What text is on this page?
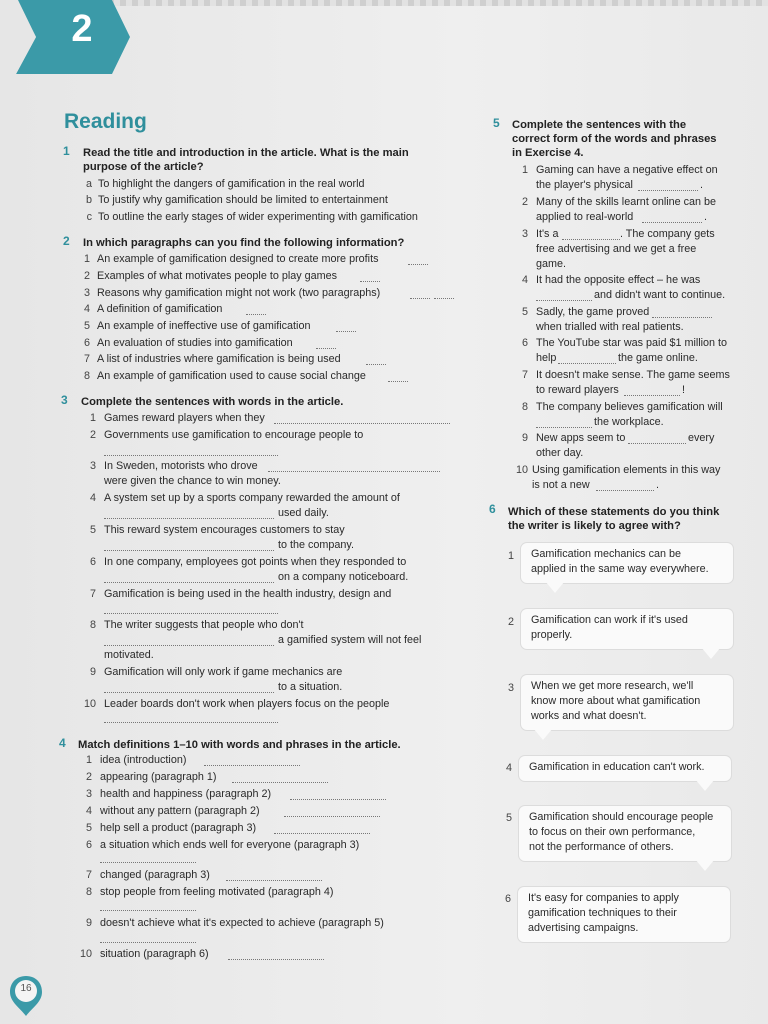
2
Reading
1 Read the title and introduction in the article. What is the main
purpose of the article?
a To highlight the dangers of gamification in the real world
b To justify why gamification should be limited to entertainment
c To outline the early stages of wider experimenting with gamification
2 In which paragraphs can you find the following information?
1 An example of gamification designed to create more profits
2 Examples of what motivates people to play games
3 Reasons why gamification might not work (two paragraphs)
4 A definition of gamification
5 An example of ineffective use of gamification
6 An evaluation of studies into gamification
7 A list of industries where gamification is being used
8 An example of gamification used to cause social change
3 Complete the sentences with words in the article.
1 Games reward players when they
2 Governments use gamification to encourage people to
3 In Sweden, motorists who drove
were given the chance to win money.
4 A system set up by a sports company rewarded the amount of
used daily.
5 This reward system encourages customers to stay
to the company.
6 In one company, employees got points when they responded to
on a company noticeboard.
7 Gamification is being used in the health industry, design and
8 The writer suggests that people who don't
a gamified system will not feel
motivated.
9 Gamification will only work if game mechanics are
to a situation.
10 Leader boards don't work when players focus on the people
4 Match definitions 1–10 with words and phrases in the article.
1 idea (introduction)
2 appearing (paragraph 1)
3 health and happiness (paragraph 2)
4 without any pattern (paragraph 2)
5 help sell a product (paragraph 3)
6 a situation which ends well for everyone (paragraph 3)
7 changed (paragraph 3)
8 stop people from feeling motivated (paragraph 4)
9 doesn't achieve what it's expected to achieve (paragraph 5)
10 situation (paragraph 6)
5 Complete the sentences with the
correct form of the words and phrases
in Exercise 4.
1 Gaming can have a negative effect on
the player's physical	.
2 Many of the skills learnt online can be
applied to real-world	.
3 It's a	. The company gets
free advertising and we get a free
game.
4 It had the opposite effect – he was
and didn't want to continue.
5 Sadly, the game proved
when trialled with real patients.
6 The YouTube star was paid $1 million to
help	the game online.
7 It doesn't make sense. The game seems
to reward players	!
8 The company believes gamification will
the workplace.
9 New apps seem to	every
other day.
10 Using gamification elements in this way
is not a new	.
6 Which of these statements do you think
the writer is likely to agree with?
1 Gamification mechanics can be
applied in the same way everywhere.
2 Gamification can work if it's used
properly.
3 When we get more research, we'll
know more about what gamification
works and what doesn't.
4 Gamification in education can't work.
5 Gamification should encourage people
to focus on their own performance,
not the performance of others.
6 It's easy for companies to apply
gamification techniques to their
advertising campaigns.
16
